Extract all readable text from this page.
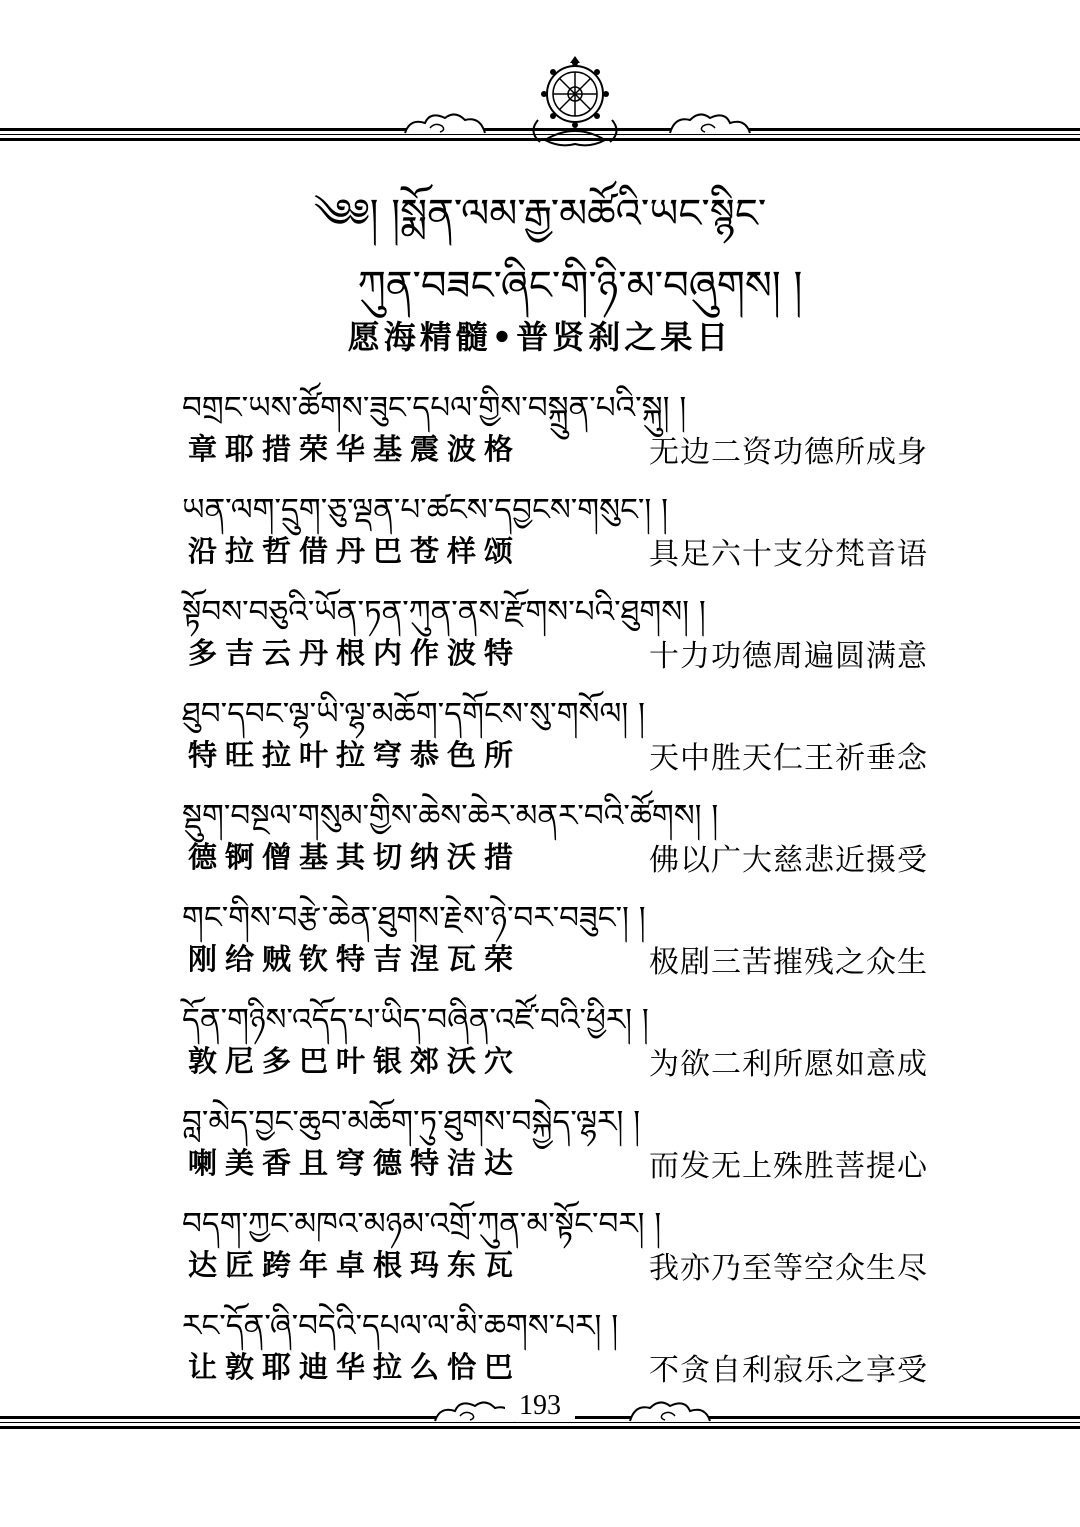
༄༅། །སྨོན་ལམ་རྒྱ་མཚོའི་ཡང་སྙིང་
ཀུན་བཟང་ཞིང་གི་ཉི་མ་བཞུགས། །
愿海精髓•普贤刹之杲日
བགྲང་ཡས་ཚོགས་ཟུང་དཔལ་གྱིས་བསྐྲུན་པའི་སྐུ། །
章耶措荣华基震波格	无边二资功德所成身
ཡན་ལག་དྲུག་ཅུ་ལྡན་པ་ཚངས་དབྱངས་གསུང་། །
沿拉哲借丹巴苍样颂	具足六十支分梵音语
སྟོབས་བཅུའི་ཡོན་ཏན་ཀུན་ནས་རྫོགས་པའི་ཐུགས། །
多吉云丹根内作波特	十力功德周遍圆满意
ཐུབ་དབང་ལྷ་ཡི་ལྷ་མཆོག་དགོངས་སུ་གསོལ། །
特旺拉叶拉穹恭色所	天中胜天仁王祈垂念
སྡུག་བསྔལ་གསུམ་གྱིས་ཆེས་ཆེར་མནར་བའི་ཚོགས། །
德锕僧基其切纳沃措	佛以广大慈悲近摄受
གང་གིས་བརྩེ་ཆེན་ཐུགས་རྗེས་ཉེ་བར་བཟུང་། །
刚给贼钦特吉涅瓦荣	极剧三苦摧残之众生
དོན་གཉིས་འདོད་པ་ཡིད་བཞིན་འཛོ་བའི་ཕྱིར། །
敦尼多巴叶银郊沃穴	为欲二利所愿如意成
བླ་མེད་བྱང་ཆུབ་མཆོག་ཏུ་ཐུགས་བསྐྱེད་ལྷར། །
喇美香且穹德特洁达	而发无上殊胜菩提心
བདག་ཀྱང་མཁའ་མཉམ་འགྲོ་ཀུན་མ་སྟོང་བར། །
达匠跨年卓根玛东瓦	我亦乃至等空众生尽
རང་དོན་ཞི་བདེའི་དཔལ་ལ་མི་ཆགས་པར། །
让敦耶迪华拉么恰巴	不贪自利寂乐之享受
193
